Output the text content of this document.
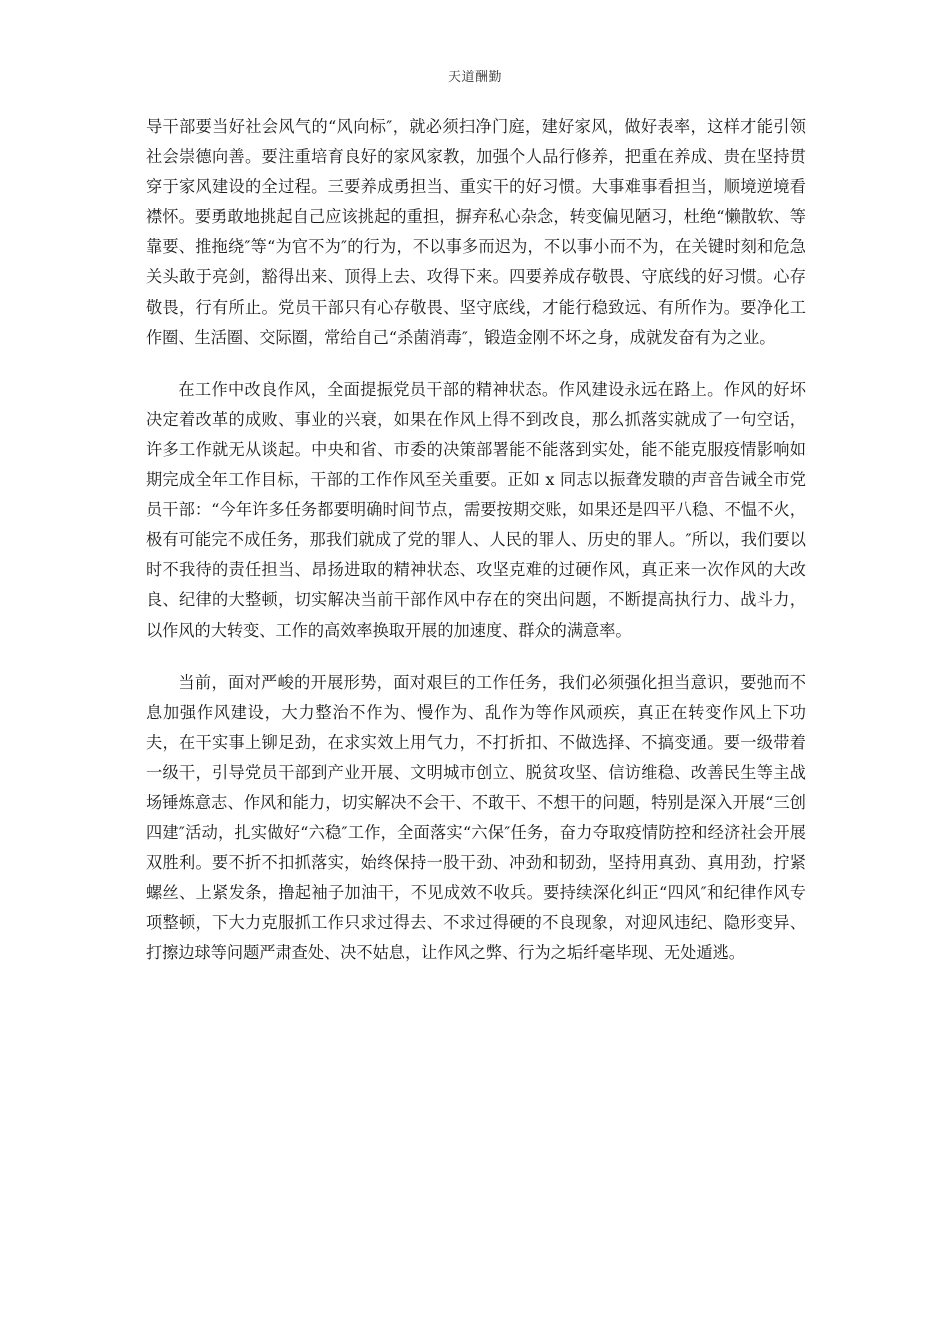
天道酬勤

导干部要当好社会风气的“风向标″，就必须扫净门庭，建好家风，做好表率，这样才能引领社会崇德向善。要注重培育良好的家风家教，加强个人品行修养，把重在养成、贵在坚持贯穿于家风建设的全过程。三要养成勇担当、重实干的好习惯。大事难事看担当，顺境逆境看襟怀。要勇敢地挑起自己应该挑起的重担，摒弃私心杂念，转变偏见陋习，杜绝“懒散软、等靠要、推拖绕″等“为官不为″的行为，不以事多而迟为，不以事小而不为，在关键时刻和危急关头敢于亮剑，豁得出来、顶得上去、攻得下来。四要养成存敬畏、守底线的好习惯。心存敬畏，行有所止。党员干部只有心存敬畏、坚守底线，才能行稳致远、有所作为。要净化工作圈、生活圈、交际圈，常给自己“杀菌消毒″，锻造金刚不坏之身，成就发奋有为之业。

在工作中改良作风，全面提振党员干部的精神状态。作风建设永远在路上。作风的好坏决定着改革的成败、事业的兴衰，如果在作风上得不到改良，那么抓落实就成了一句空话，许多工作就无从谈起。中央和省、市委的决策部署能不能落到实处，能不能克服疫情影响如期完成全年工作目标，干部的工作作风至关重要。正如 x 同志以振聋发聩的声音告诫全市党员干部：“今年许多任务都要明确时间节点，需要按期交账，如果还是四平八稳、不愠不火，极有可能完不成任务，那我们就成了党的罪人、人民的罪人、历史的罪人。″所以，我们要以时不我待的责任担当、昂扬进取的精神状态、攻坚克难的过硬作风，真正来一次作风的大改良、纪律的大整顿，切实解决当前干部作风中存在的突出问题，不断提高执行力、战斗力，以作风的大转变、工作的高效率换取开展的加速度、群众的满意率。

当前，面对严峻的开展形势，面对艰巨的工作任务，我们必须强化担当意识，要弛而不息加强作风建设，大力整治不作为、慢作为、乱作为等作风顽疾，真正在转变作风上下功夫，在干实事上铆足劲，在求实效上用气力，不打折扣、不做选择、不搞变通。要一级带着一级干，引导党员干部到产业开展、文明城市创立、脱贫攻坚、信访维稳、改善民生等主战场锤炼意志、作风和能力，切实解决不会干、不敢干、不想干的问题，特别是深入开展“三创四建″活动，扎实做好“六稳″工作，全面落实“六保″任务，奋力夺取疫情防控和经济社会开展双胜利。要不折不扣抓落实，始终保持一股干劲、冲劲和韧劲，坚持用真劲、真用劲，拧紧螺丝、上紧发条，撸起袖子加油干，不见成效不收兵。要持续深化纠正“四风″和纪律作风专项整顿，下大力克服抓工作只求过得去、不求过得硬的不良现象，对迎风违纪、隐形变异、打擦边球等问题严肃查处、决不姑息，让作风之弊、行为之垢纤毫毕现、无处遁逃。
